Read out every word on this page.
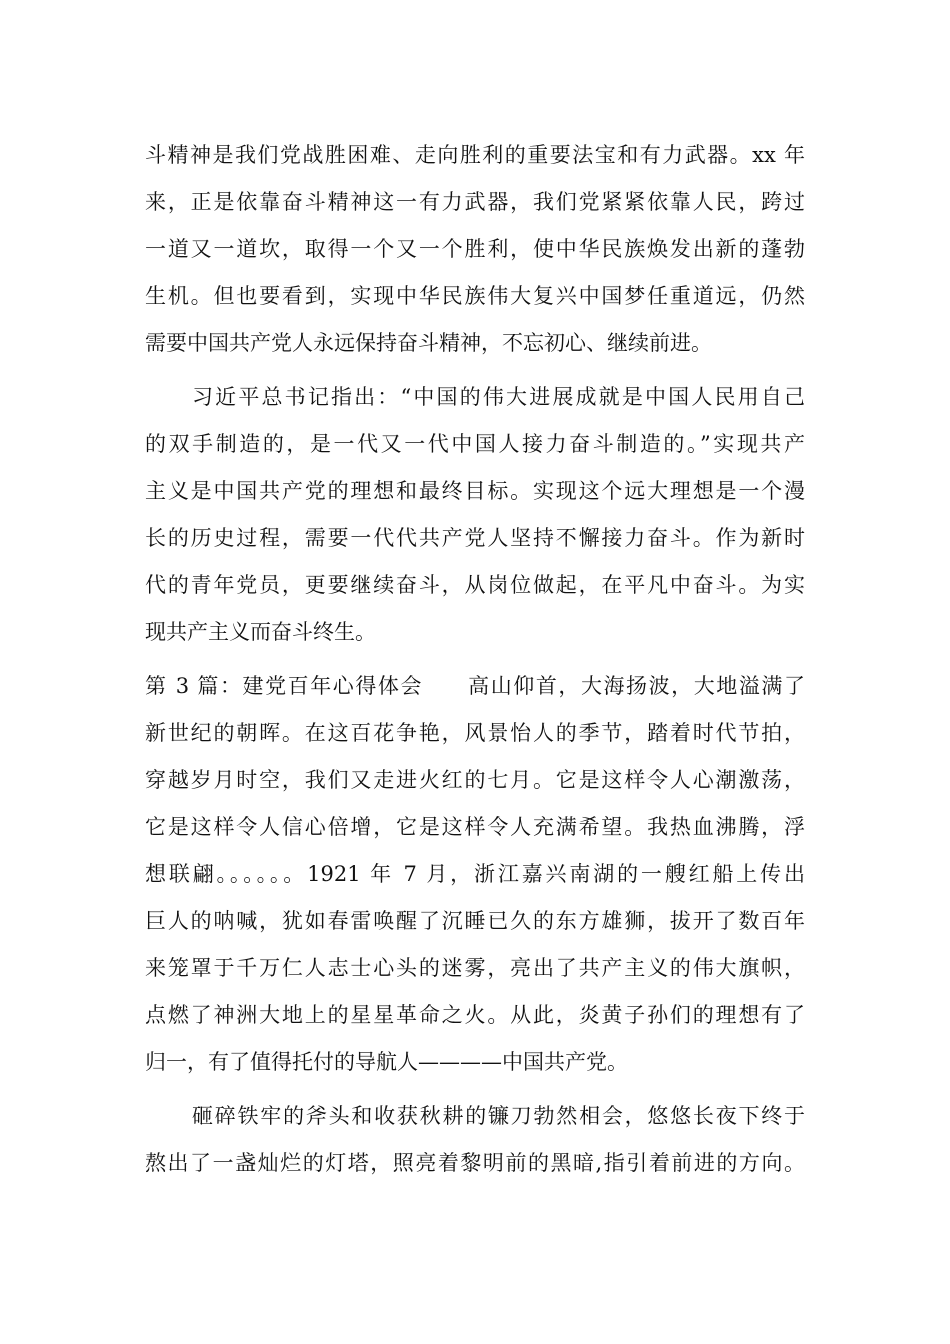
斗精神是我们党战胜困难、走向胜利的重要法宝和有力武器。xx 年
来，正是依靠奋斗精神这一有力武器，我们党紧紧依靠人民，跨过
一道又一道坎，取得一个又一个胜利，使中华民族焕发出新的蓬勃
生机。但也要看到，实现中华民族伟大复兴中国梦任重道远，仍然
需要中国共产党人永远保持奋斗精神，不忘初心、继续前进。
习近平总书记指出：“中国的伟大进展成就是中国人民用自己
的双手制造的，是一代又一代中国人接力奋斗制造的。”实现共产
主义是中国共产党的理想和最终目标。实现这个远大理想是一个漫
长的历史过程，需要一代代共产党人坚持不懈接力奋斗。作为新时
代的青年党员，更要继续奋斗，从岗位做起，在平凡中奋斗。为实
现共产主义而奋斗终生。
第 3 篇：建党百年心得体会　　高山仰首，大海扬波，大地溢满了
新世纪的朝晖。在这百花争艳，风景怡人的季节，踏着时代节拍，
穿越岁月时空，我们又走进火红的七月。它是这样令人心潮激荡，
它是这样令人信心倍增，它是这样令人充满希望。我热血沸腾，浮
想联翩。。。。。。1921 年 7 月，浙江嘉兴南湖的一艘红船上传出
巨人的呐喊，犹如春雷唤醒了沉睡已久的东方雄狮，拔开了数百年
来笼罩于千万仁人志士心头的迷雾，亮出了共产主义的伟大旗帜，
点燃了神洲大地上的星星革命之火。从此，炎黄子孙们的理想有了
归一，有了值得托付的导航人————中国共产党。
砸碎铁牢的斧头和收获秋耕的镰刀勃然相会，悠悠长夜下终于
熬出了一盏灿烂的灯塔，照亮着黎明前的黑暗,指引着前进的方向。
